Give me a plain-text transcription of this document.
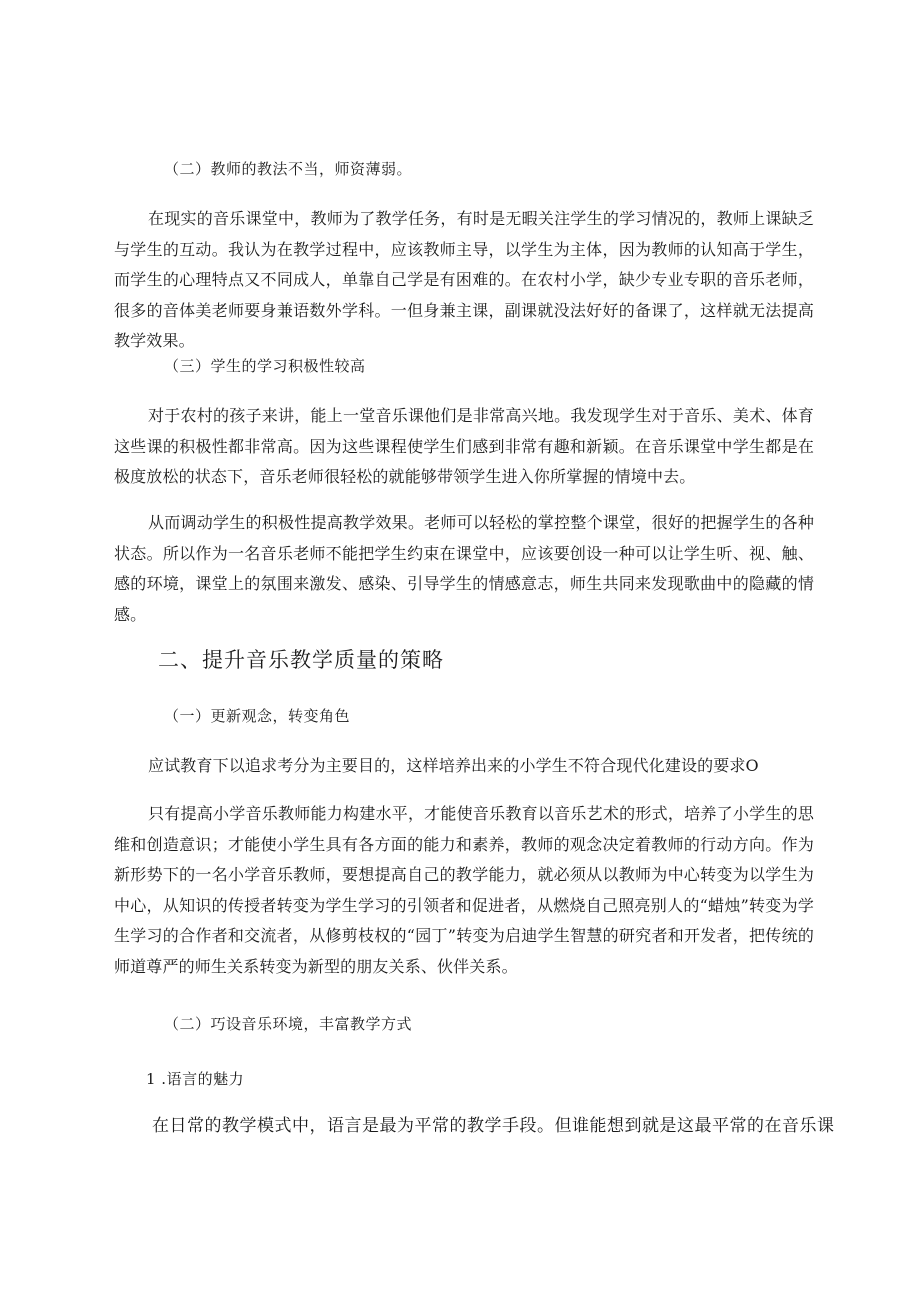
（二）教师的教法不当，师资薄弱。

在现实的音乐课堂中，教师为了教学任务，有时是无暇关注学生的学习情况的，教师上课缺乏与学生的互动。我认为在教学过程中，应该教师主导，以学生为主体，因为教师的认知高于学生，而学生的心理特点又不同成人，单靠自己学是有困难的。在农村小学，缺少专业专职的音乐老师，很多的音体美老师要身兼语数外学科。一但身兼主课，副课就没法好好的备课了，这样就无法提高教学效果。

（三）学生的学习积极性较高

对于农村的孩子来讲，能上一堂音乐课他们是非常高兴地。我发现学生对于音乐、美术、体育这些课的积极性都非常高。因为这些课程使学生们感到非常有趣和新颖。在音乐课堂中学生都是在极度放松的状态下，音乐老师很轻松的就能够带领学生进入你所掌握的情境中去。

从而调动学生的积极性提高教学效果。老师可以轻松的掌控整个课堂，很好的把握学生的各种状态。所以作为一名音乐老师不能把学生约束在课堂中，应该要创设一种可以让学生听、视、触、感的环境，课堂上的氛围来激发、感染、引导学生的情感意志，师生共同来发现歌曲中的隐藏的情感。

二、提升音乐教学质量的策略

（一）更新观念，转变角色

应试教育下以追求考分为主要目的，这样培养出来的小学生不符合现代化建设的要求O

只有提高小学音乐教师能力构建水平，才能使音乐教育以音乐艺术的形式，培养了小学生的思维和创造意识；才能使小学生具有各方面的能力和素养，教师的观念决定着教师的行动方向。作为新形势下的一名小学音乐教师，要想提高自己的教学能力，就必须从以教师为中心转变为以学生为中心，从知识的传授者转变为学生学习的引领者和促进者，从燃烧自己照亮别人的“蜡烛”转变为学生学习的合作者和交流者，从修剪枝权的“园丁”转变为启迪学生智慧的研究者和开发者，把传统的师道尊严的师生关系转变为新型的朋友关系、伙伴关系。

（二）巧设音乐环境，丰富教学方式

1 .语言的魅力

在日常的教学模式中，语言是最为平常的教学手段。但谁能想到就是这最平常的在音乐课
